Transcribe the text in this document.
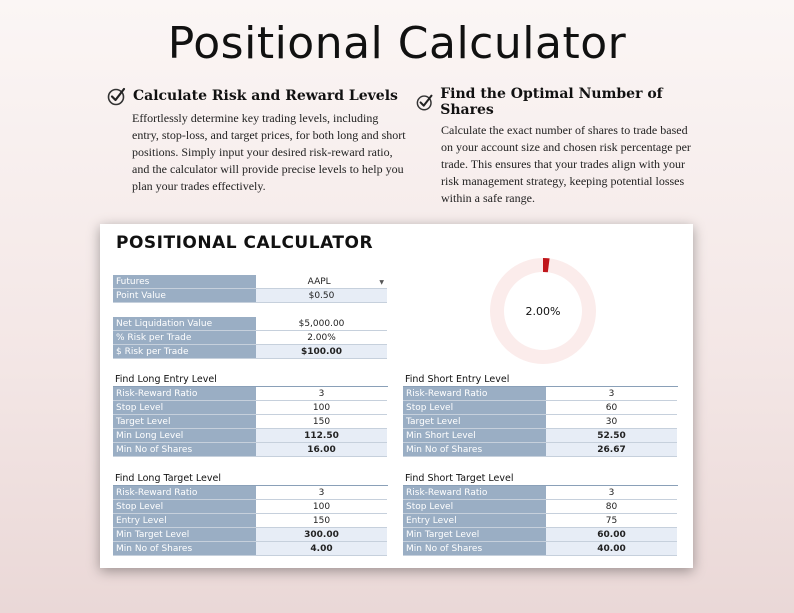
Positional Calculator
Calculate Risk and Reward Levels
Effortlessly determine key trading levels, including entry, stop-loss, and target prices, for both long and short positions. Simply input your desired risk-reward ratio, and the calculator will provide precise levels to help you plan your trades effectively.
Find the Optimal Number of Shares
Calculate the exact number of shares to trade based on your account size and chosen risk percentage per trade. This ensures that your trades align with your risk management strategy, keeping potential losses within a safe range.
POSITIONAL CALCULATOR
Futures	AAPL ▼

Point Value	$0.50
Net Liquidation Value	$5,000.00
% Risk per Trade	2.00%
$ Risk per Trade	$100.00
2.00%
Find Long Entry Level
Risk-Reward Ratio	3
Stop Level	100
Target Level	150
Min Long Level	112.50
Min No of Shares	16.00
Find Short Entry Level
Risk-Reward Ratio	3
Stop Level	60
Target Level	30
Min Short Level	52.50
Min No of Shares	26.67
Find Long Target Level
Risk-Reward Ratio	3
Stop Level	100
Entry Level	150
Min Target Level	300.00
Min No of Shares	4.00
Find Short Target Level
Risk-Reward Ratio	3
Stop Level	80
Entry Level	75
Min Target Level	60.00
Min No of Shares	40.00
